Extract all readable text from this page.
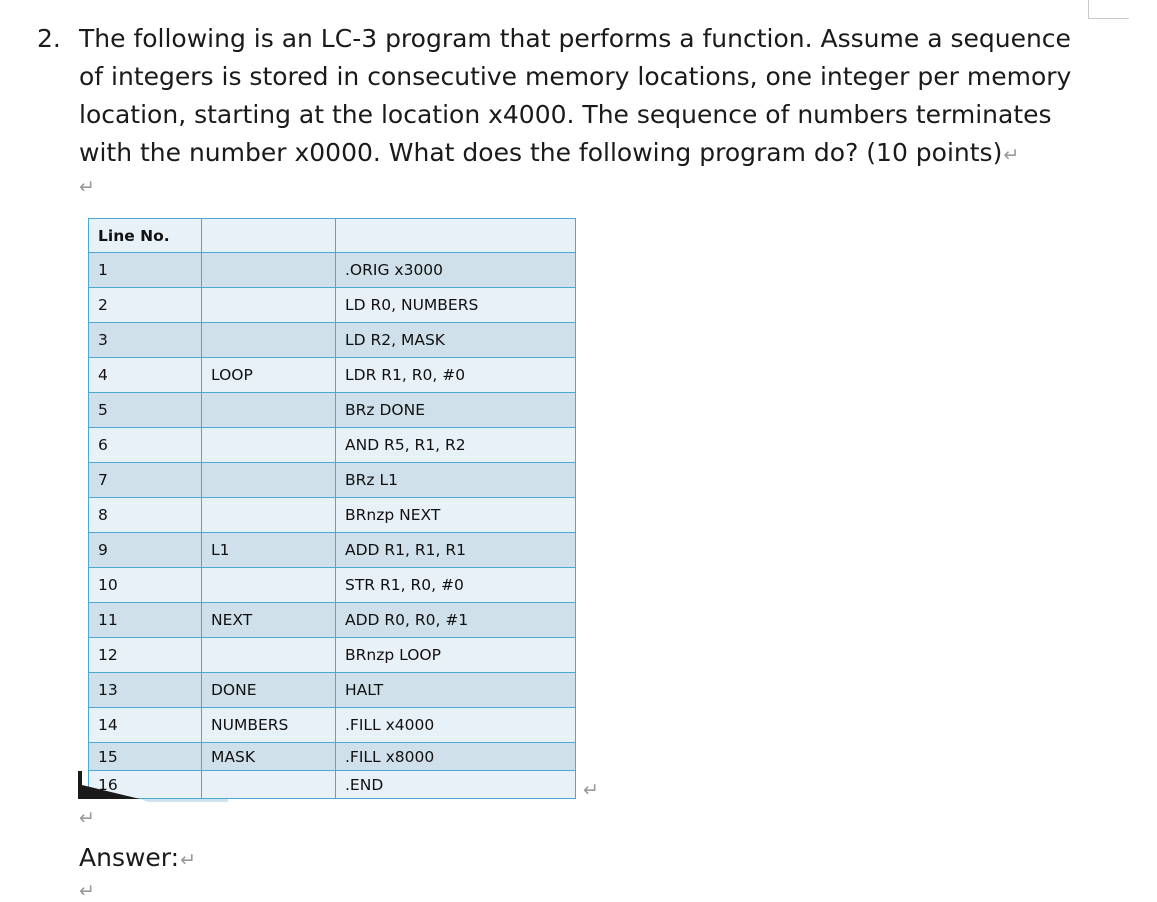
2. The following is an LC-3 program that performs a function. Assume a sequence of integers is stored in consecutive memory locations, one integer per memory location, starting at the location x4000. The sequence of numbers terminates with the number x0000. What does the following program do? (10 points)↵
↵
Line No.		
1		.ORIG x3000
2		LD R0, NUMBERS
3		LD R2, MASK
4	LOOP	LDR R1, R0, #0
5		BRz DONE
6		AND R5, R1, R2
7		BRz L1
8		BRnzp NEXT
9	L1	ADD R1, R1, R1
10		STR R1, R0, #0
11	NEXT	ADD R0, R0, #1
12		BRnzp LOOP
13	DONE	HALT
14	NUMBERS	.FILL x4000
15	MASK	.FILL x8000
16		.END	↵
↵
Answer:↵
↵
